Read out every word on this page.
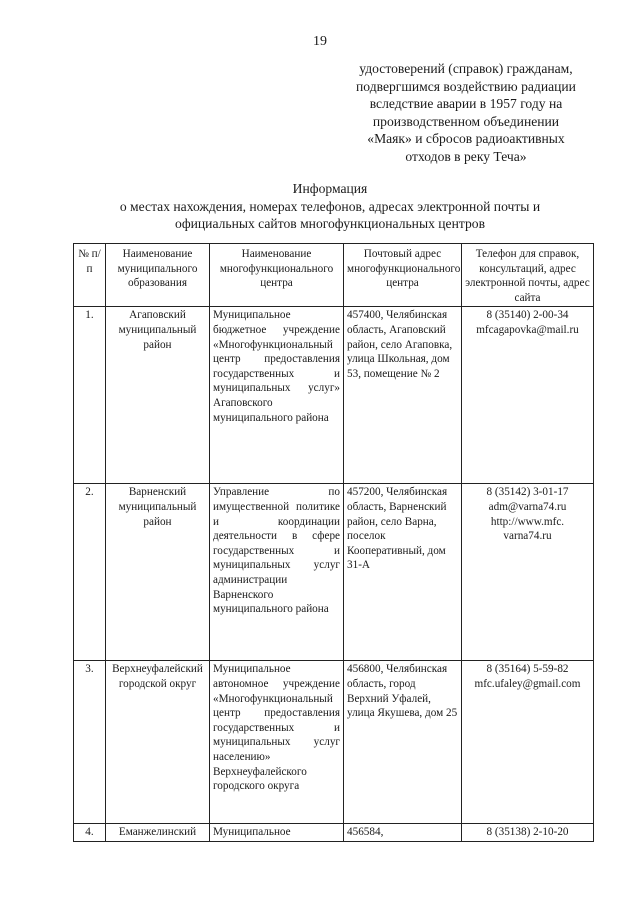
19
удостоверений (справок) гражданам,
подвергшимся воздействию радиации
вследствие аварии в 1957 году на
производственном объединении
«Маяк» и сбросов радиоактивных
отходов в реку Теча»
Информация
о местах нахождения, номерах телефонов, адресах электронной почты и
официальных сайтов многофункциональных центров
№ п/п	Наименование муниципального образования	Наименование многофункционального центра	Почтовый адрес многофункционального центра	Телефон для справок, консультаций, адрес электронной почты, адрес сайта
1.	Агаповский муниципальный район	Муниципальное бюджетное учреждение «Многофункциональный центр предоставления государственных и муниципальных услуг» Агаповского муниципального района	457400, Челябинская область, Агаповский район, село Агаповка, улица Школьная, дом 53, помещение № 2	8 (35140) 2-00-34
mfcagapovka@mail.ru

2.	Варненский муниципальный район	Управление по имущественной политике и координации деятельности в сфере государственных и муниципальных услуг администрации Варненского муниципального района	457200, Челябинская область, Варненский район, село Варна, поселок Кооперативный, дом 31-А	8 (35142) 3-01-17
adm@varna74.ru
http://www.mfc.
varna74.ru

3.	Верхнеуфалейский городской округ	Муниципальное автономное учреждение «Многофункциональный центр предоставления государственных и муниципальных услуг населению» Верхнеуфалейского городского округа	456800, Челябинская область, город Верхний Уфалей, улица Якушева, дом 25	8 (35164) 5-59-82
mfc.ufaley@gmail.com

4.	Еманжелинский	Муниципальное	456584,	8 (35138) 2-10-20
